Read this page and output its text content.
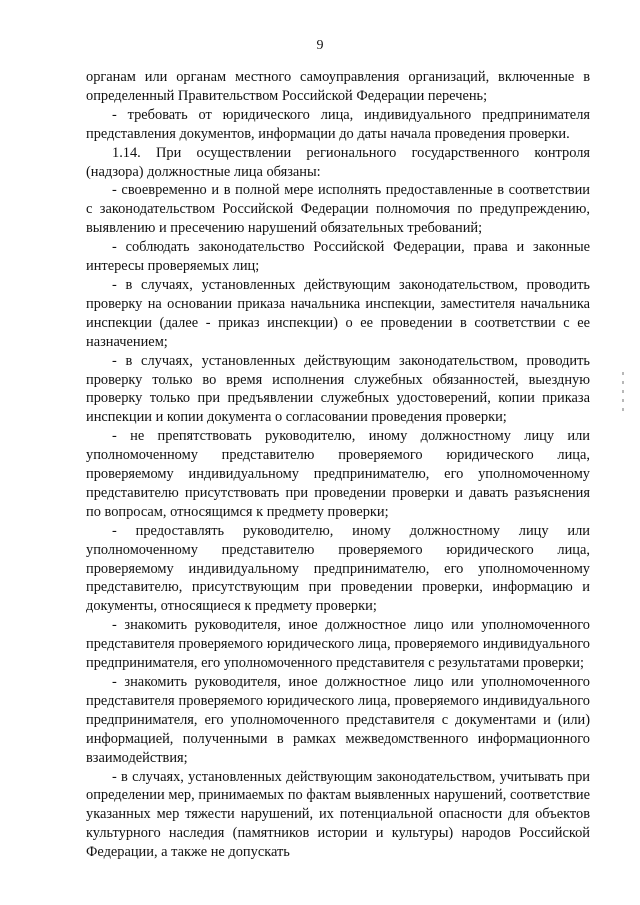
9

органам или органам местного самоуправления организаций, включенные в определенный Правительством Российской Федерации перечень;

- требовать от юридического лица, индивидуального предпринимателя представления документов, информации до даты начала проведения проверки.

1.14. При осуществлении регионального государственного контроля (надзора) должностные лица обязаны:

- своевременно и в полной мере исполнять предоставленные в соответствии с законодательством Российской Федерации полномочия по предупреждению, выявлению и пресечению нарушений обязательных требований;

- соблюдать законодательство Российской Федерации, права и законные интересы проверяемых лиц;

- в случаях, установленных действующим законодательством, проводить проверку на основании приказа начальника инспекции, заместителя начальника инспекции (далее - приказ инспекции) о ее проведении в соответствии с ее назначением;

- в случаях, установленных действующим законодательством, проводить проверку только во время исполнения служебных обязанностей, выездную проверку только при предъявлении служебных удостоверений, копии приказа инспекции и копии документа о согласовании проведения проверки;

- не препятствовать руководителю, иному должностному лицу или уполномоченному представителю проверяемого юридического лица, проверяемому индивидуальному предпринимателю, его уполномоченному представителю присутствовать при проведении проверки и давать разъяснения по вопросам, относящимся к предмету проверки;

- предоставлять руководителю, иному должностному лицу или уполномоченному представителю проверяемого юридического лица, проверяемому индивидуальному предпринимателю, его уполномоченному представителю, присутствующим при проведении проверки, информацию и документы, относящиеся к предмету проверки;

- знакомить руководителя, иное должностное лицо или уполномоченного представителя проверяемого юридического лица, проверяемого индивидуального предпринимателя, его уполномоченного представителя с результатами проверки;

- знакомить руководителя, иное должностное лицо или уполномоченного представителя проверяемого юридического лица, проверяемого индивидуального предпринимателя, его уполномоченного представителя с документами и (или) информацией, полученными в рамках межведомственного информационного взаимодействия;

- в случаях, установленных действующим законодательством, учитывать при определении мер, принимаемых по фактам выявленных нарушений, соответствие указанных мер тяжести нарушений, их потенциальной опасности для объектов культурного наследия (памятников истории и культуры) народов Российской Федерации, а также не допускать
